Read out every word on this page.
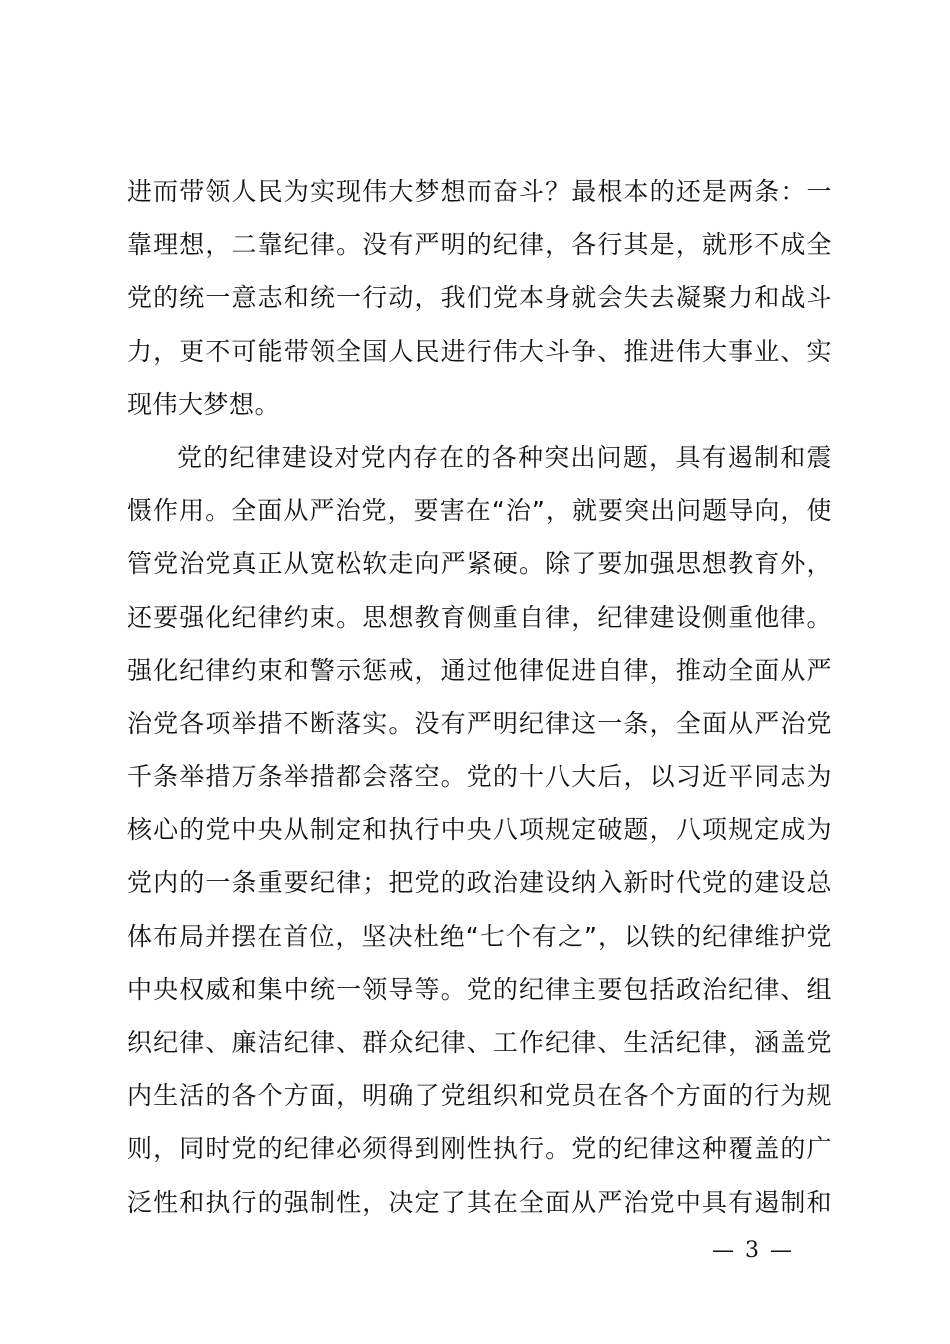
进而带领人民为实现伟大梦想而奋斗？最根本的还是两条：一
靠理想，二靠纪律。没有严明的纪律，各行其是，就形不成全
党的统一意志和统一行动，我们党本身就会失去凝聚力和战斗
力，更不可能带领全国人民进行伟大斗争、推进伟大事业、实
现伟大梦想。
党的纪律建设对党内存在的各种突出问题，具有遏制和震
慑作用。全面从严治党，要害在“治”，就要突出问题导向，使
管党治党真正从宽松软走向严紧硬。除了要加强思想教育外，
还要强化纪律约束。思想教育侧重自律，纪律建设侧重他律。
强化纪律约束和警示惩戒，通过他律促进自律，推动全面从严
治党各项举措不断落实。没有严明纪律这一条，全面从严治党
千条举措万条举措都会落空。党的十八大后，以习近平同志为
核心的党中央从制定和执行中央八项规定破题，八项规定成为
党内的一条重要纪律；把党的政治建设纳入新时代党的建设总
体布局并摆在首位，坚决杜绝“七个有之”，以铁的纪律维护党
中央权威和集中统一领导等。党的纪律主要包括政治纪律、组
织纪律、廉洁纪律、群众纪律、工作纪律、生活纪律，涵盖党
内生活的各个方面，明确了党组织和党员在各个方面的行为规
则，同时党的纪律必须得到刚性执行。党的纪律这种覆盖的广
泛性和执行的强制性，决定了其在全面从严治党中具有遏制和
— 3 —
